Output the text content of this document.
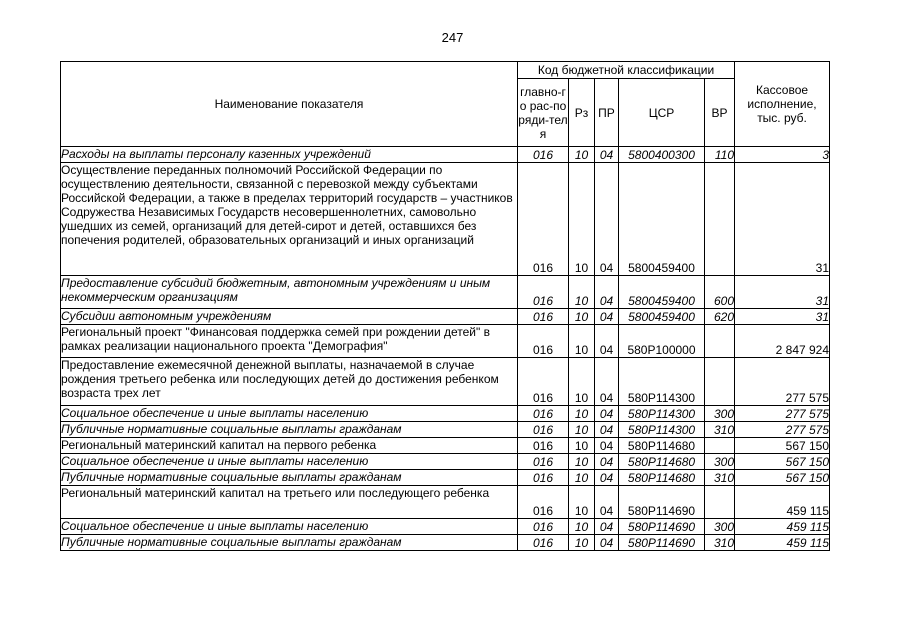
247
Наименование показателя	Код бюджетной классификации					Кассовое исполнение, тыс. руб.
	главно-го рас-поряди-теля	Рз	ПР	ЦСР	ВР	
Расходы на выплаты персоналу казенных учреждений	016	10	04	5800400300	110	3
Осуществление переданных полномочий Российской Федерации по осуществлению деятельности, связанной с перевозкой между субъектами Российской Федерации, а также в пределах территорий государств – участников Содружества Независимых Государств несовершеннолетних, самовольно ушедших из семей, организаций для детей-сирот и детей, оставшихся без попечения родителей, образовательных организаций и иных организаций	016	10	04	5800459400		31
Предоставление субсидий бюджетным, автономным учреждениям и иным некоммерческим организациям	016	10	04	5800459400	600	31
Субсидии автономным учреждениям	016	10	04	5800459400	620	31
Региональный проект "Финансовая поддержка семей при рождении детей" в рамках реализации национального проекта "Демография"	016	10	04	580P100000		2 847 924
Предоставление ежемесячной денежной выплаты, назначаемой в случае рождения третьего ребенка или последующих детей до достижения ребенком возраста трех лет	016	10	04	580P114300		277 575
Социальное обеспечение и иные выплаты населению	016	10	04	580P114300	300	277 575
Публичные нормативные социальные выплаты гражданам	016	10	04	580P114300	310	277 575
Региональный материнский капитал на первого ребенка	016	10	04	580P114680		567 150
Социальное обеспечение и иные выплаты населению	016	10	04	580P114680	300	567 150
Публичные нормативные социальные выплаты гражданам	016	10	04	580P114680	310	567 150
Региональный материнский капитал на третьего или последующего ребенка	016	10	04	580P114690		459 115
Социальное обеспечение и иные выплаты населению	016	10	04	580P114690	300	459 115
Публичные нормативные социальные выплаты гражданам	016	10	04	580P114690	310	459 115
